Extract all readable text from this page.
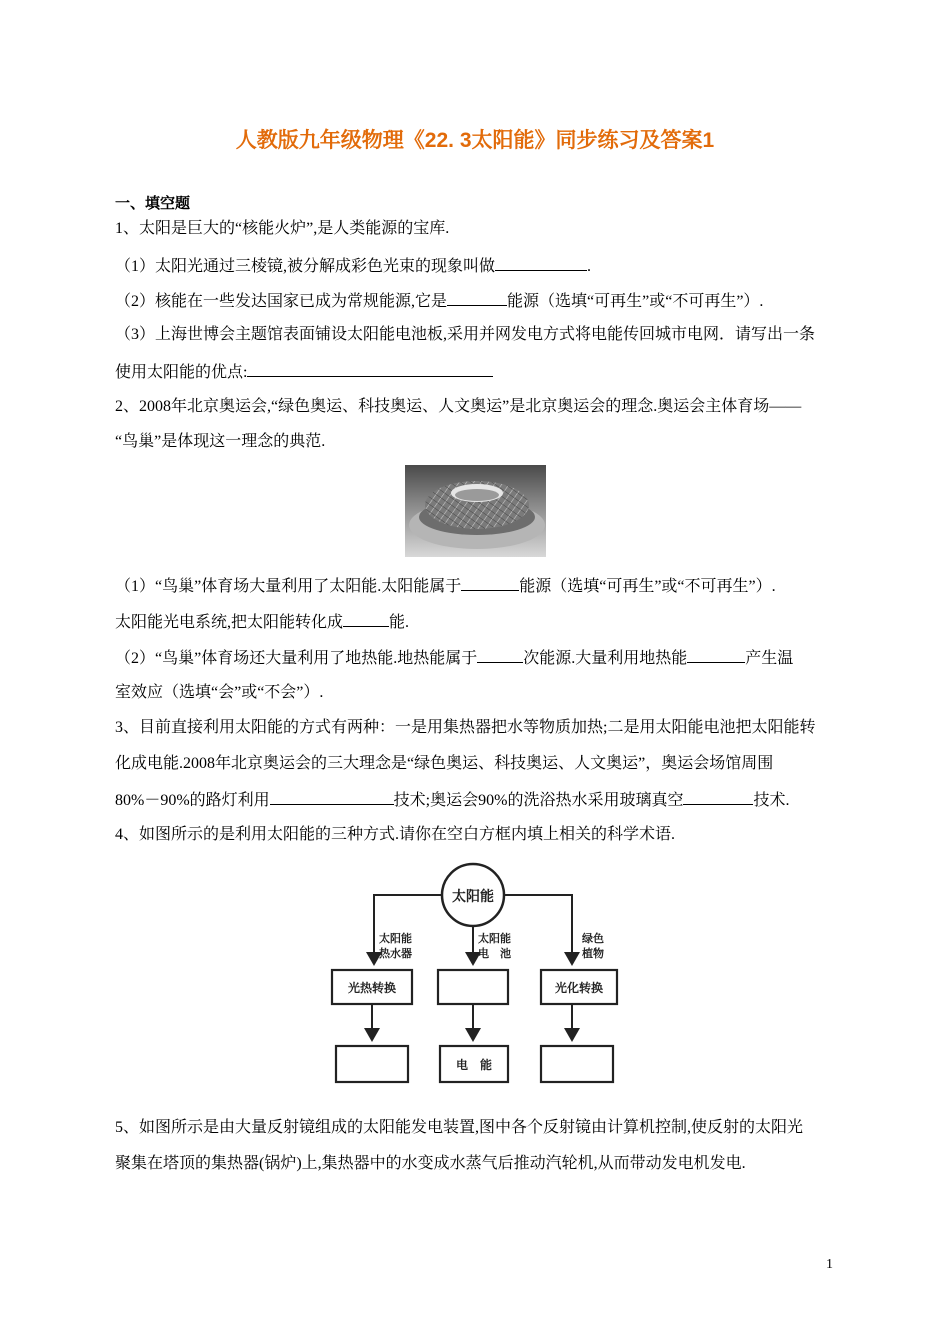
人教版九年级物理《22. 3太阳能》同步练习及答案1
一、填空题
1、太阳是巨大的“核能火炉”,是人类能源的宝库.
（1）太阳光通过三棱镜,被分解成彩色光束的现象叫做	.
（2）核能在一些发达国家已成为常规能源,它是	能源（选填“可再生”或“不可再生”）.
（3）上海世博会主题馆表面铺设太阳能电池板,采用并网发电方式将电能传回城市电网．请写出一条
使用太阳能的优点:
2、2008年北京奥运会,“绿色奥运、科技奥运、人文奥运”是北京奥运会的理念.奥运会主体育场——
“鸟巢”是体现这一理念的典范.
（1）“鸟巢”体育场大量利用了太阳能.太阳能属于	能源（选填“可再生”或“不可再生”）.
太阳能光电系统,把太阳能转化成	能.
（2）“鸟巢”体育场还大量利用了地热能.地热能属于	次能源.大量利用地热能	产生温
室效应（选填“会”或“不会”）.
3、目前直接利用太阳能的方式有两种：一是用集热器把水等物质加热;二是用太阳能电池把太阳能转
化成电能.2008年北京奥运会的三大理念是“绿色奥运、科技奥运、人文奥运”，奥运会场馆周围
80%－90%的路灯利用	技术;奥运会90%的洗浴热水采用玻璃真空	技术.
4、如图所示的是利用太阳能的三种方式.请你在空白方框内填上相关的科学术语.
太阳能
太阳能
热水器
太阳能
电　池
绿色
植物
光热转换	光化转换
电　能
5、如图所示是由大量反射镜组成的太阳能发电装置,图中各个反射镜由计算机控制,使反射的太阳光
聚集在塔顶的集热器(锅炉)上,集热器中的水变成水蒸气后推动汽轮机,从而带动发电机发电.
1
